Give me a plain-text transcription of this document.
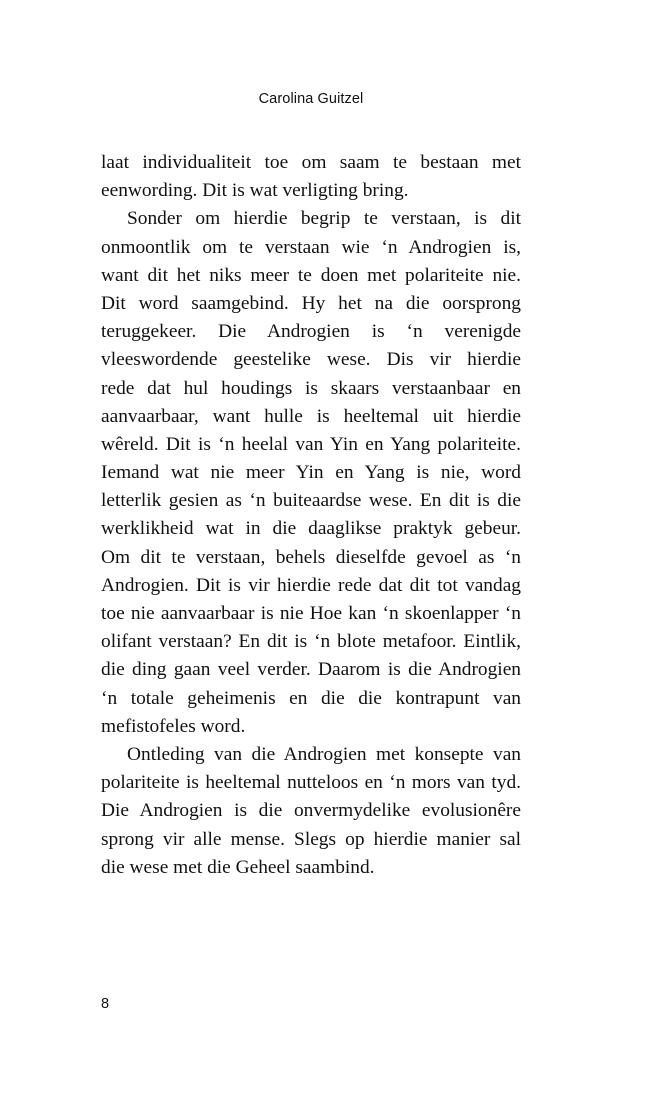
Carolina Guitzel
laat individualiteit toe om saam te bestaan met
eenwording. Dit is wat verligting bring.
Sonder om hierdie begrip te verstaan, is dit
onmoontlik om te verstaan wie ‘n Androgien is,
want dit het niks meer te doen met polariteite nie.
Dit word saamgebind. Hy het na die oorsprong
teruggekeer. Die Androgien is ‘n verenigde
vleeswordende geestelike wese. Dis vir hierdie
rede dat hul houdings is skaars verstaanbaar en
aanvaarbaar, want hulle is heeltemal uit hierdie
wêreld. Dit is ‘n heelal van Yin en Yang polariteite.
Iemand wat nie meer Yin en Yang is nie, word
letterlik gesien as ‘n buiteaardse wese. En dit is die
werklikheid wat in die daaglikse praktyk gebeur.
Om dit te verstaan, behels dieselfde gevoel as ‘n
Androgien. Dit is vir hierdie rede dat dit tot vandag
toe nie aanvaarbaar is nie Hoe kan ‘n skoenlapper ‘n
olifant verstaan? En dit is ‘n blote metafoor. Eintlik,
die ding gaan veel verder. Daarom is die Androgien
‘n totale geheimenis en die die kontrapunt van
mefistofeles word.
Ontleding van die Androgien met konsepte van
polariteite is heeltemal nutteloos en ‘n mors van tyd.
Die Androgien is die onvermydelike evolusionêre
sprong vir alle mense. Slegs op hierdie manier sal
die wese met die Geheel saambind.
8
